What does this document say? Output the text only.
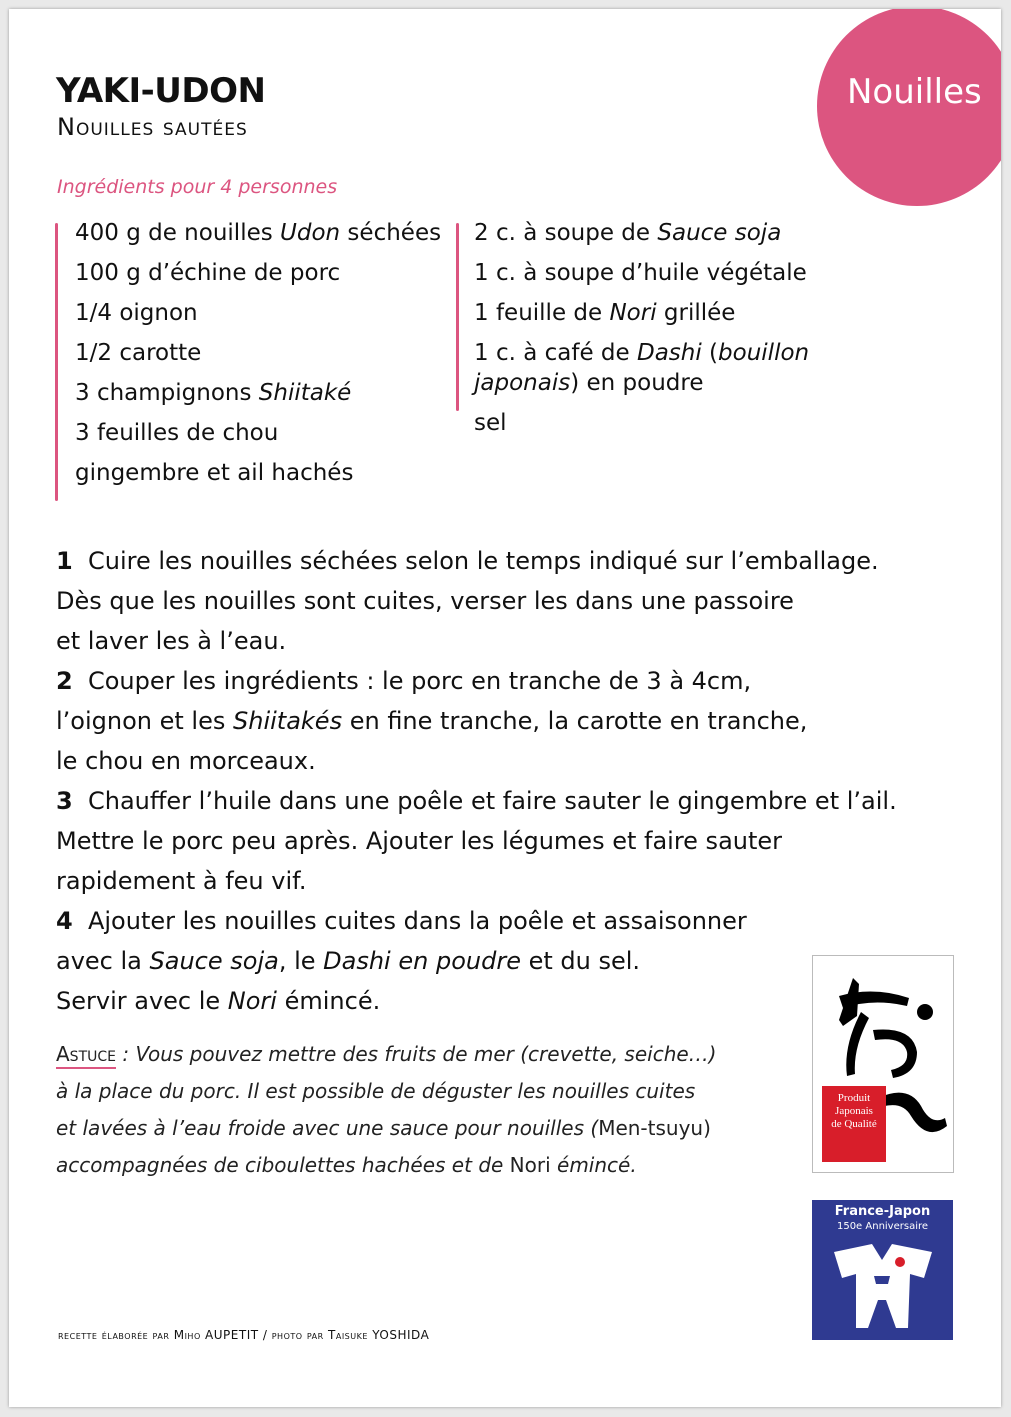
Nouilles
YAKI-UDON
Nouilles sautées
Ingrédients pour 4 personnes
400 g de nouilles Udon séchées
100 g d’échine de porc
1/4 oignon
1/2 carotte
3 champignons Shiitaké
3 feuilles de chou
gingembre et ail hachés
2 c. à soupe de Sauce soja
1 c. à soupe d’huile végétale
1 feuille de Nori grillée
1 c. à café de Dashi (bouillon japonais) en poudre
sel
1 Cuire les nouilles séchées selon le temps indiqué sur l’emballage.
Dès que les nouilles sont cuites, verser les dans une passoire
et laver les à l’eau.
2 Couper les ingrédients : le porc en tranche de 3 à 4cm,
l’oignon et les Shiitakés en fine tranche, la carotte en tranche,
le chou en morceaux.
3 Chauffer l’huile dans une poêle et faire sauter le gingembre et l’ail.
Mettre le porc peu après. Ajouter les légumes et faire sauter
rapidement à feu vif.
4 Ajouter les nouilles cuites dans la poêle et assaisonner
avec la Sauce soja, le Dashi en poudre et du sel.
Servir avec le Nori émincé.
Astuce : Vous pouvez mettre des fruits de mer (crevette, seiche…)
à la place du porc. Il est possible de déguster les nouilles cuites
et lavées à l’eau froide avec une sauce pour nouilles (Men-tsuyu)
accompagnées de ciboulettes hachées et de Nori émincé.
recette élaborée par Miho AUPETIT / photo par Taisuke YOSHIDA
Produit
Japonais
de Qualité
France-Japon
150e Anniversaire
